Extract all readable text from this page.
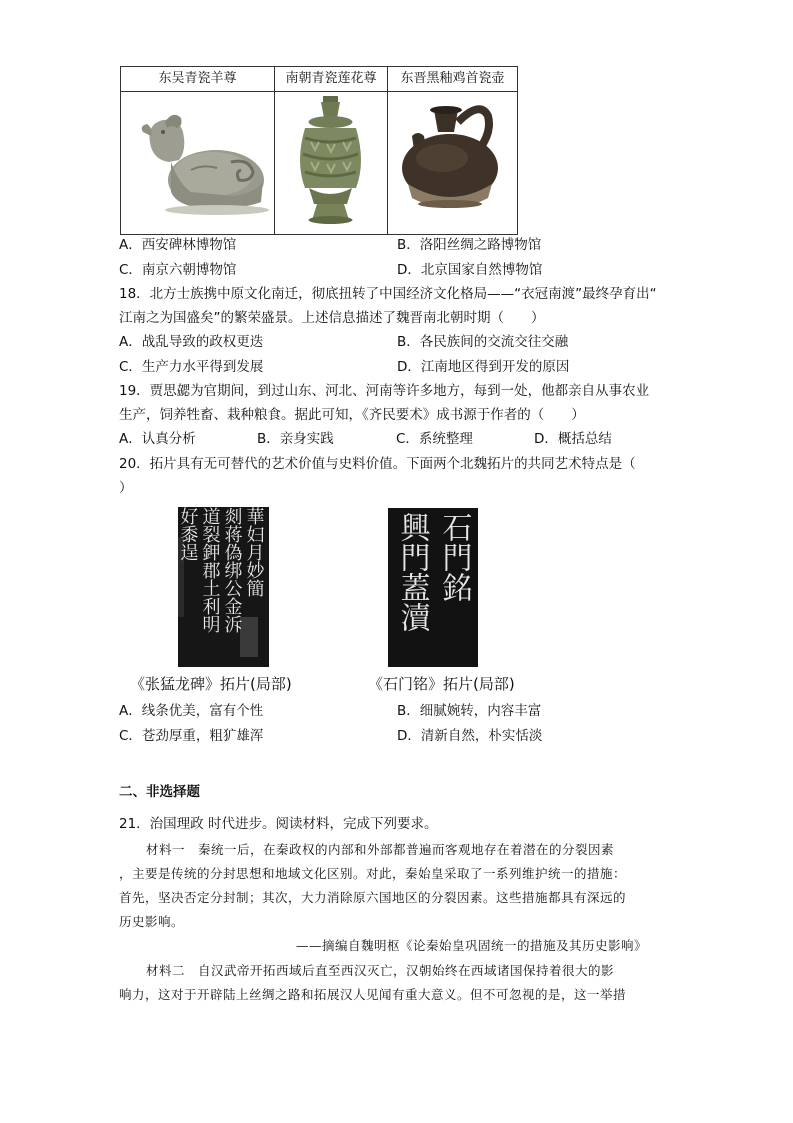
东吴青瓷羊尊	南朝青瓷莲花尊	东晋黑釉鸡首瓷壶
A．西安碑林博物馆	B．洛阳丝绸之路博物馆
C．南京六朝博物馆	D．北京国家自然博物馆
18．北方士族携中原文化南迁，彻底扭转了中国经济文化格局——“衣冠南渡”最终孕育出“
江南之为国盛矣”的繁荣盛景。上述信息描述了魏晋南北朝时期（　　）
A．战乱导致的政权更迭	B．各民族间的交流交往交融
C．生产力水平得到发展	D．江南地区得到开发的原因
19．贾思勰为官期间，到过山东、河北、河南等许多地方，每到一处，他都亲自从事农业
生产，饲养牲畜、栽种粮食。据此可知，《齐民要术》成书源于作者的（　　）
A．认真分析	B．亲身实践	C．系统整理	D．概括总结
20．拓片具有无可替代的艺术价值与史料价值。下面两个北魏拓片的共同艺术特点是（
）
華妇月妙簡
剡蒋偽绑公金泝
道裂鉀郡土利明
好黍逞	石門銘
興門蓋瀆
《张猛龙碑》拓片(局部)	《石门铭》拓片(局部)
A．线条优美，富有个性	B．细腻婉转，内容丰富
C．苍劲厚重，粗犷雄浑	D．清新自然，朴实恬淡
二、非选择题
21．治国理政 时代进步。阅读材料，完成下列要求。
材料一　秦统一后，在秦政权的内部和外部都普遍而客观地存在着潜在的分裂因素
，主要是传统的分封思想和地域文化区别。对此，秦始皇采取了一系列维护统一的措施：
首先，坚决否定分封制；其次，大力消除原六国地区的分裂因素。这些措施都具有深远的
历史影响。
——摘编自魏明枢《论秦始皇巩固统一的措施及其历史影响》
材料二　自汉武帝开拓西域后直至西汉灭亡，汉朝始终在西域诸国保持着很大的影
响力，这对于开辟陆上丝绸之路和拓展汉人见闻有重大意义。但不可忽视的是，这一举措
